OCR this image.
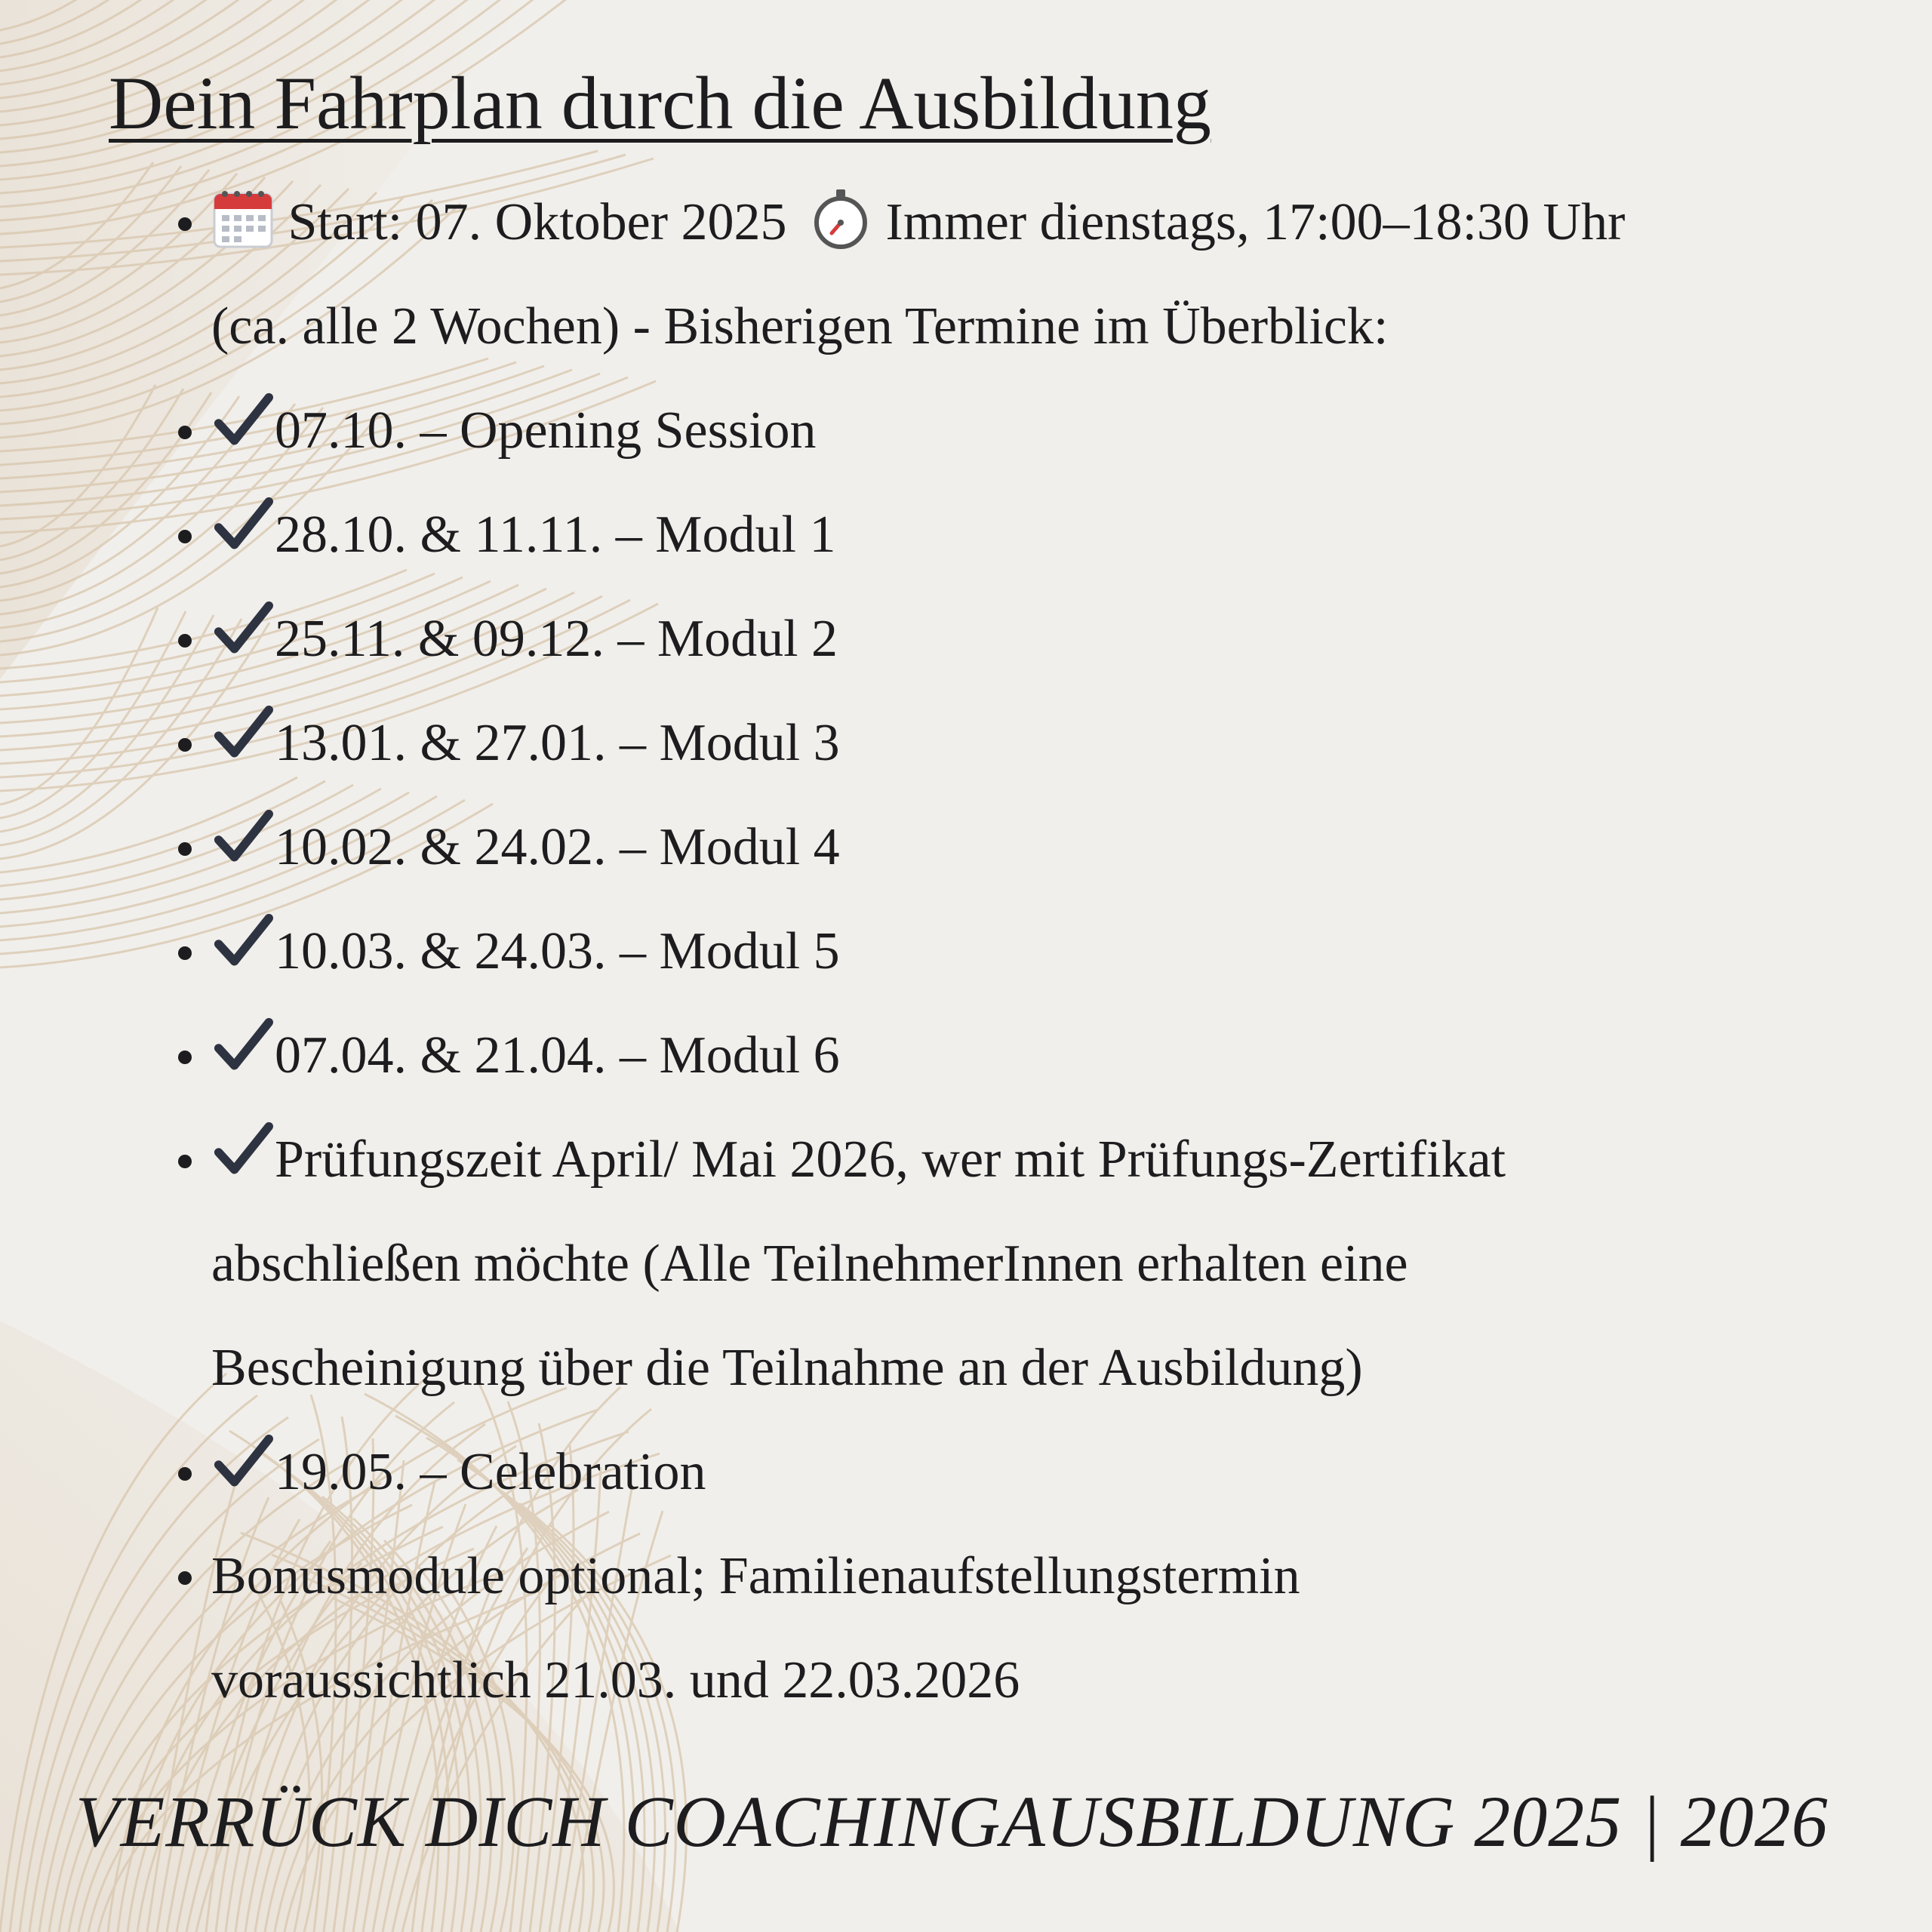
Dein Fahrplan durch die Ausbildung
Start: 07. Oktober 2025 Immer dienstags, 17:00–18:30 Uhr
(ca. alle 2 Wochen) - Bisherigen Termine im Überblick:
07.10. – Opening Session
28.10. & 11.11. – Modul 1
25.11. & 09.12. – Modul 2
13.01. & 27.01. – Modul 3
10.02. & 24.02. – Modul 4
10.03. & 24.03. – Modul 5
07.04. & 21.04. – Modul 6
Prüfungszeit April/ Mai 2026, wer mit Prüfungs-Zertifikat
abschließen möchte (Alle TeilnehmerInnen erhalten eine
Bescheinigung über die Teilnahme an der Ausbildung)
19.05. – Celebration
Bonusmodule optional; Familienaufstellungstermin
voraussichtlich 21.03. und 22.03.2026
VERRÜCK DICH COACHINGAUSBILDUNG 2025 | 2026
